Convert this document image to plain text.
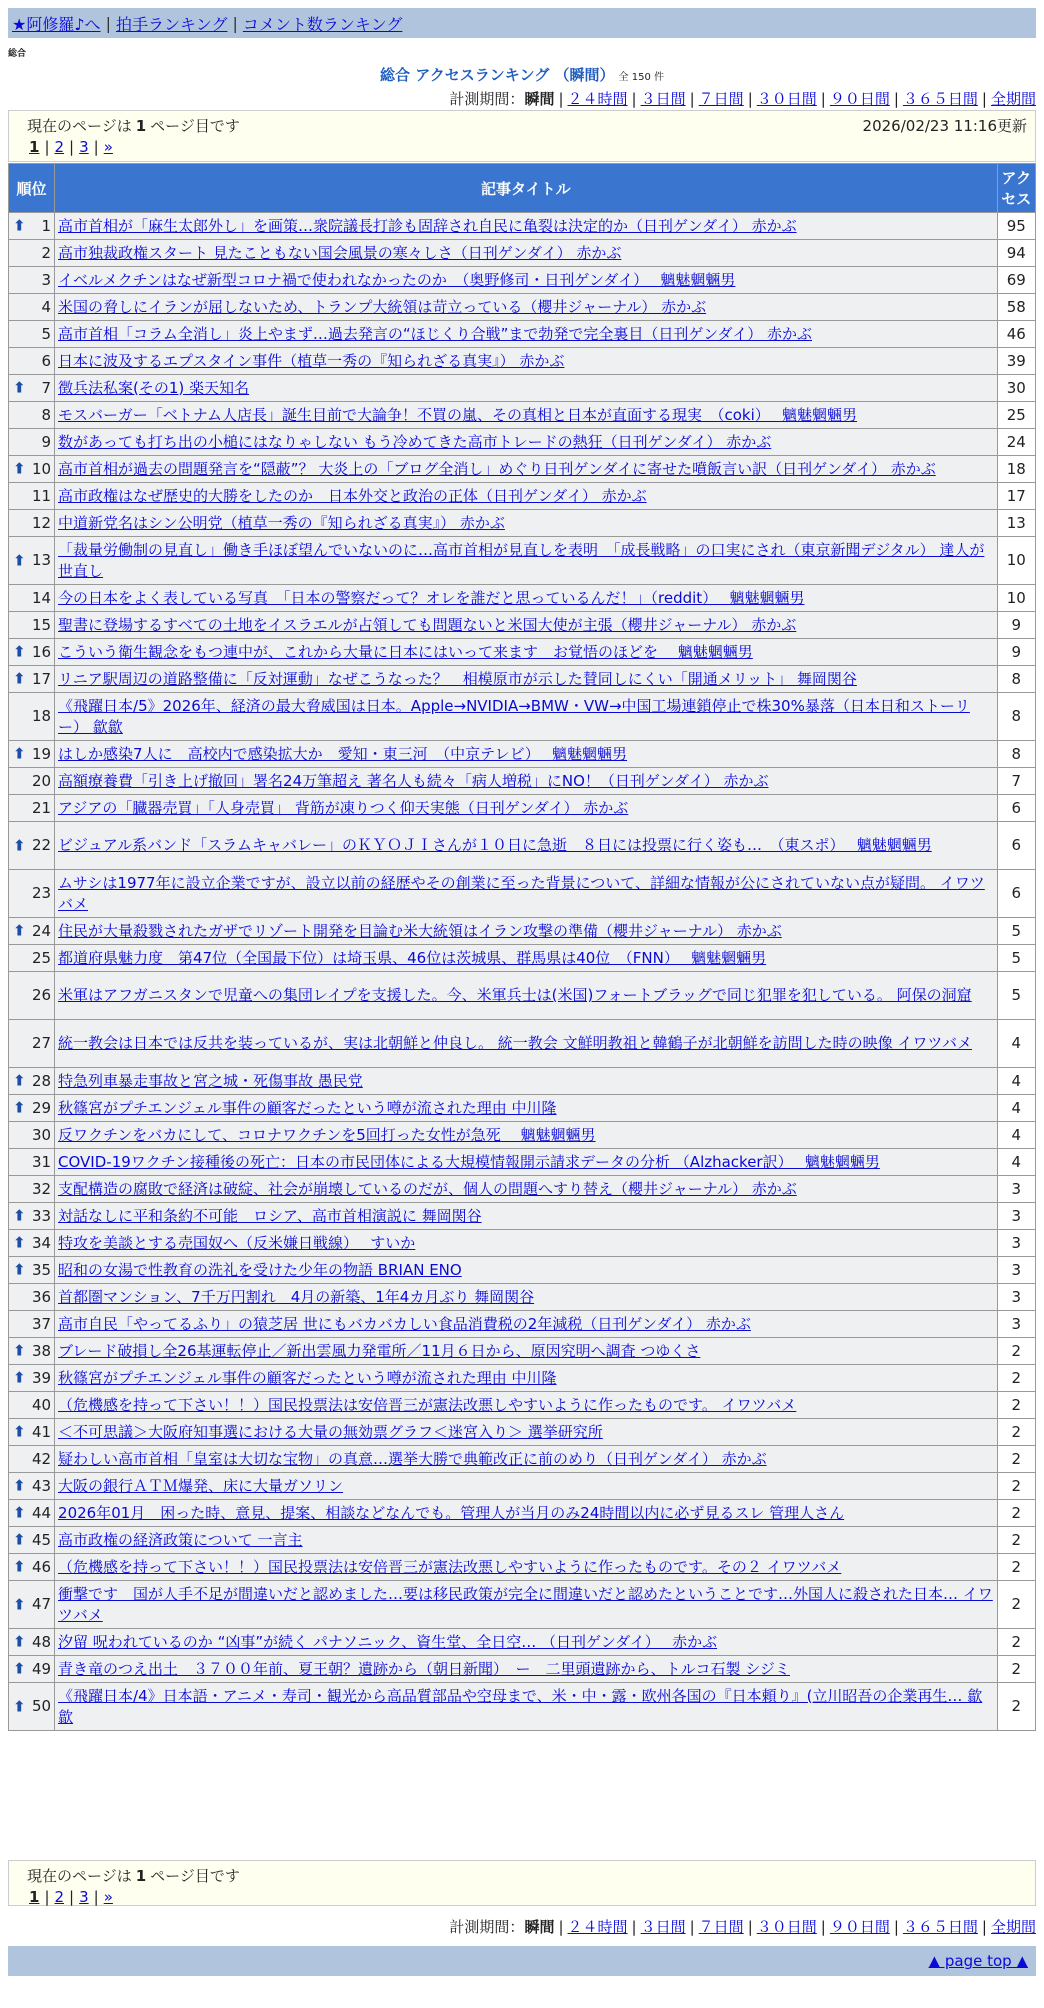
★阿修羅♪へ | 拍手ランキング | コメント数ランキング
総合
総合 アクセスランキング （瞬間） 全 150 件
計測期間：瞬間 | ２４時間 | ３日間 | ７日間 | ３０日間 | ９０日間 | ３６５日間 | 全期間
現在のページは 1 ページ目です	2026/02/23 11:16更新
1 | 2 | 3 | »
順位	記事タイトル	アクセス

⬆ 1	高市首相が「麻生太郎外し」を画策…衆院議長打診も固辞され自民に亀裂は決定的か（日刊ゲンダイ） 赤かぶ	95
2	高市独裁政権スタート 見たこともない国会風景の寒々しさ（日刊ゲンダイ） 赤かぶ	94
3	イベルメクチンはなぜ新型コロナ禍で使われなかったのか　（奥野修司・日刊ゲンダイ）　 魑魅魍魎男	69
4	米国の脅しにイランが屈しないため、トランプ大統領は苛立っている（櫻井ジャーナル） 赤かぶ	58
5	高市首相「コラム全消し」炎上やまず…過去発言の“ほじくり合戦”まで勃発で完全裏目（日刊ゲンダイ） 赤かぶ	46
6	日本に波及するエプスタイン事件（植草一秀の『知られざる真実』） 赤かぶ	39

⬆ 7	徴兵法私案(その1) 楽天知名	30
8	モスバーガー「ベトナム人店長」誕生目前で大論争！不買の嵐、その真相と日本が直面する現実　（coki）　 魑魅魍魎男	25
9	数があっても打ち出の小槌にはなりゃしない もう冷めてきた高市トレードの熱狂（日刊ゲンダイ） 赤かぶ	24

⬆ 10	高市首相が過去の問題発言を“隠蔽”？ 大炎上の「ブログ全消し」めぐり日刊ゲンダイに寄せた噴飯言い訳（日刊ゲンダイ） 赤かぶ	18
11	高市政権はなぜ歴史的大勝をしたのか　日本外交と政治の正体（日刊ゲンダイ） 赤かぶ	17
12	中道新党名はシン公明党（植草一秀の『知られざる真実』） 赤かぶ	13

⬆ 13	「裁量労働制の見直し」働き手ほぼ望んでいないのに…高市首相が見直しを表明　「成長戦略」の口実にされ（東京新聞デジタル） 達人が世直し	10
14	今の日本をよく表している写真　「日本の警察だって？オレを誰だと思っているんだ！」（reddit）　 魑魅魍魎男	10
15	聖書に登場するすべての土地をイスラエルが占領しても問題ないと米国大使が主張（櫻井ジャーナル） 赤かぶ	9

⬆ 16	こういう衛生観念をもつ連中が、これから大量に日本にはいって来ます　お覚悟のほどを　 魑魅魍魎男	9

⬆ 17	リニア駅周辺の道路整備に「反対運動」なぜこうなった？　相模原市が示した賛同しにくい「開通メリット」 舞岡関谷	8
18	《飛躍日本/5》2026年、経済の最大脅威国は日本。Apple→NVIDIA→BMW・VW→中国工場連鎖停止で株30%暴落（日本日和ストーリー） 歙歙	8

⬆ 19	はしか感染7人に　高校内で感染拡大か　愛知・東三河　（中京テレビ）　 魑魅魍魎男	8
20	高額療養費「引き上げ撤回」署名24万筆超え 著名人も続々「病人増税」にNO！（日刊ゲンダイ） 赤かぶ	7
21	アジアの「臓器売買」「人身売買」 背筋が凍りつく仰天実態（日刊ゲンダイ） 赤かぶ	6

⬆ 22	ビジュアル系バンド「スラムキャバレー」のＫＹＯＪＩさんが１０日に急逝　８日には投票に行く姿も…　（東スポ）　 魑魅魍魎男	6
23	ムサシは1977年に設立企業ですが、設立以前の経歴やその創業に至った背景について、詳細な情報が公にされていない点が疑問。 イワツバメ	6

⬆ 24	住民が大量殺戮されたガザでリゾート開発を目論む米大統領はイラン攻撃の準備（櫻井ジャーナル） 赤かぶ	5
25	都道府県魅力度　第47位（全国最下位）は埼玉県、46位は茨城県、群馬県は40位　（FNN）　 魑魅魍魎男	5
26	米軍はアフガニスタンで児童への集団レイプを支援した。今、米軍兵士は(米国)フォートブラッグで同じ犯罪を犯している。 阿保の洞窟	5
27	統一教会は日本では反共を装っているが、実は北朝鮮と仲良し。 統一教会 文鮮明教祖と韓鶴子が北朝鮮を訪問した時の映像 イワツバメ	4

⬆ 28	特急列車暴走事故と宮之城・死傷事故 愚民党	4

⬆ 29	秋篠宮がプチエンジェル事件の顧客だったという噂が流された理由 中川隆	4
30	反ワクチンをバカにして、コロナワクチンを5回打った女性が急死　 魑魅魍魎男	4
31	COVID-19ワクチン接種後の死亡：日本の市民団体による大規模情報開示請求データの分析 （Alzhacker訳）　 魑魅魍魎男	4
32	支配構造の腐敗で経済は破綻、社会が崩壊しているのだが、個人の問題へすり替え（櫻井ジャーナル） 赤かぶ	3

⬆ 33	対話なしに平和条約不可能　ロシア、高市首相演説に 舞岡関谷	3

⬆ 34	特攻を美談とする売国奴へ（反米嫌日戦線）　 すいか	3

⬆ 35	昭和の女湯で性教育の洗礼を受けた少年の物語 BRIAN ENO	3
36	首都圏マンション、7千万円割れ　4月の新築、1年4カ月ぶり 舞岡関谷	3
37	高市自民「やってるふり」の猿芝居 世にもバカバカしい食品消費税の2年減税（日刊ゲンダイ） 赤かぶ	3

⬆ 38	ブレード破損し全26基運転停止／新出雲風力発電所／11月６日から、原因究明へ調査 つゆくさ	2

⬆ 39	秋篠宮がプチエンジェル事件の顧客だったという噂が流された理由 中川隆	2
40	（危機感を持って下さい！！）国民投票法は安倍晋三が憲法改悪しやすいように作ったものです。 イワツバメ	2

⬆ 41	＜不可思議＞大阪府知事選における大量の無効票グラフ＜迷宮入り＞ 選挙研究所	2
42	疑わしい高市首相「皇室は大切な宝物」の真意…選挙大勝で典範改正に前のめり（日刊ゲンダイ） 赤かぶ	2

⬆ 43	大阪の銀行ＡＴＭ爆発、床に大量ガソリン	2

⬆ 44	2026年01月　困った時、意見、提案、相談などなんでも。管理人が当月のみ24時間以内に必ず見るスレ 管理人さん	2

⬆ 45	高市政権の経済政策について 一言主	2

⬆ 46	（危機感を持って下さい！！）国民投票法は安倍晋三が憲法改悪しやすいように作ったものです。その２ イワツバメ	2

⬆ 47	衝撃です　国が人手不足が間違いだと認めました…要は移民政策が完全に間違いだと認めたということです…外国人に殺された日本… イワツバメ	2

⬆ 48	汐留 呪われているのか “凶事”が続く パナソニック、資生堂、全日空… （日刊ゲンダイ）　 赤かぶ	2

⬆ 49	青き竜のつえ出土　３７００年前、夏王朝？遺跡から（朝日新聞）　ー　二里頭遺跡から、トルコ石製 シジミ	2

⬆ 50	《飛躍日本/4》日本語・アニメ・寿司・観光から高品質部品や空母まで、米・中・露・欧州各国の『日本頼り』(立川昭吾の企業再生… 歙歙	2
現在のページは 1 ページ目です
1 | 2 | 3 | »
計測期間：瞬間 | ２４時間 | ３日間 | ７日間 | ３０日間 | ９０日間 | ３６５日間 | 全期間
▲ page top ▲
